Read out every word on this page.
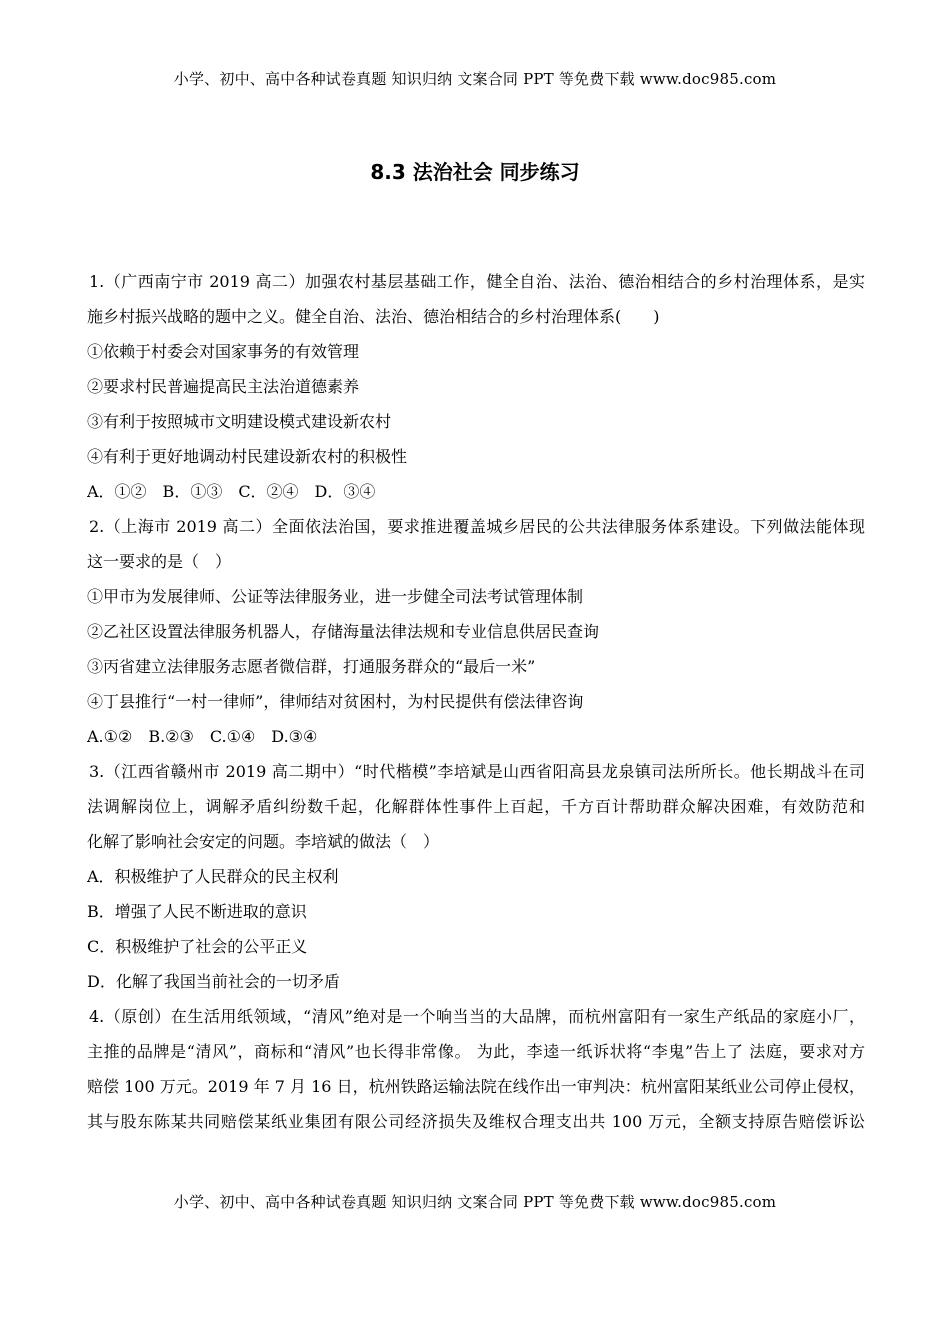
小学、初中、高中各种试卷真题 知识归纳 文案合同 PPT 等免费下载 www.doc985.com
8.3 法治社会 同步练习
1.（广西南宁市 2019 高二）加强农村基层基础工作，健全自治、法治、德治相结合的乡村治理体系，是实
施乡村振兴战略的题中之义。健全自治、法治、德治相结合的乡村治理体系(　　)
①依赖于村委会对国家事务的有效管理
②要求村民普遍提高民主法治道德素养
③有利于按照城市文明建设模式建设新农村
④有利于更好地调动村民建设新农村的积极性
A．①②　B．①③　C．②④　D．③④
2.（上海市 2019 高二）全面依法治国，要求推进覆盖城乡居民的公共法律服务体系建设。下列做法能体现
这一要求的是（　）
①甲市为发展律师、公证等法律服务业，进一步健全司法考试管理体制
②乙社区设置法律服务机器人，存储海量法律法规和专业信息供居民查询
③丙省建立法律服务志愿者微信群，打通服务群众的“最后一米”
④丁县推行“一村一律师”，律师结对贫困村，为村民提供有偿法律咨询
A.①②　B.②③　C.①④　D.③④
3.（江西省赣州市 2019 高二期中）“时代楷模”李培斌是山西省阳高县龙泉镇司法所所长。他长期战斗在司
法调解岗位上，调解矛盾纠纷数千起，化解群体性事件上百起，千方百计帮助群众解决困难，有效防范和
化解了影响社会安定的问题。李培斌的做法（　）
A．积极维护了人民群众的民主权利
B．增强了人民不断进取的意识
C．积极维护了社会的公平正义
D．化解了我国当前社会的一切矛盾
4.（原创）在生活用纸领域，“清风”绝对是一个响当当的大品牌，而杭州富阳有一家生产纸品的家庭小厂，
主推的品牌是“清风”，商标和“清风”也长得非常像。 为此，李逵一纸诉状将“李鬼”告上了 法庭，要求对方
赔偿 100 万元。2019 年 7 月 16 日，杭州铁路运输法院在线作出一审判决：杭州富阳某纸业公司停止侵权，
其与股东陈某共同赔偿某纸业集团有限公司经济损失及维权合理支出共 100 万元，全额支持原告赔偿诉讼
小学、初中、高中各种试卷真题 知识归纳 文案合同 PPT 等免费下载 www.doc985.com
